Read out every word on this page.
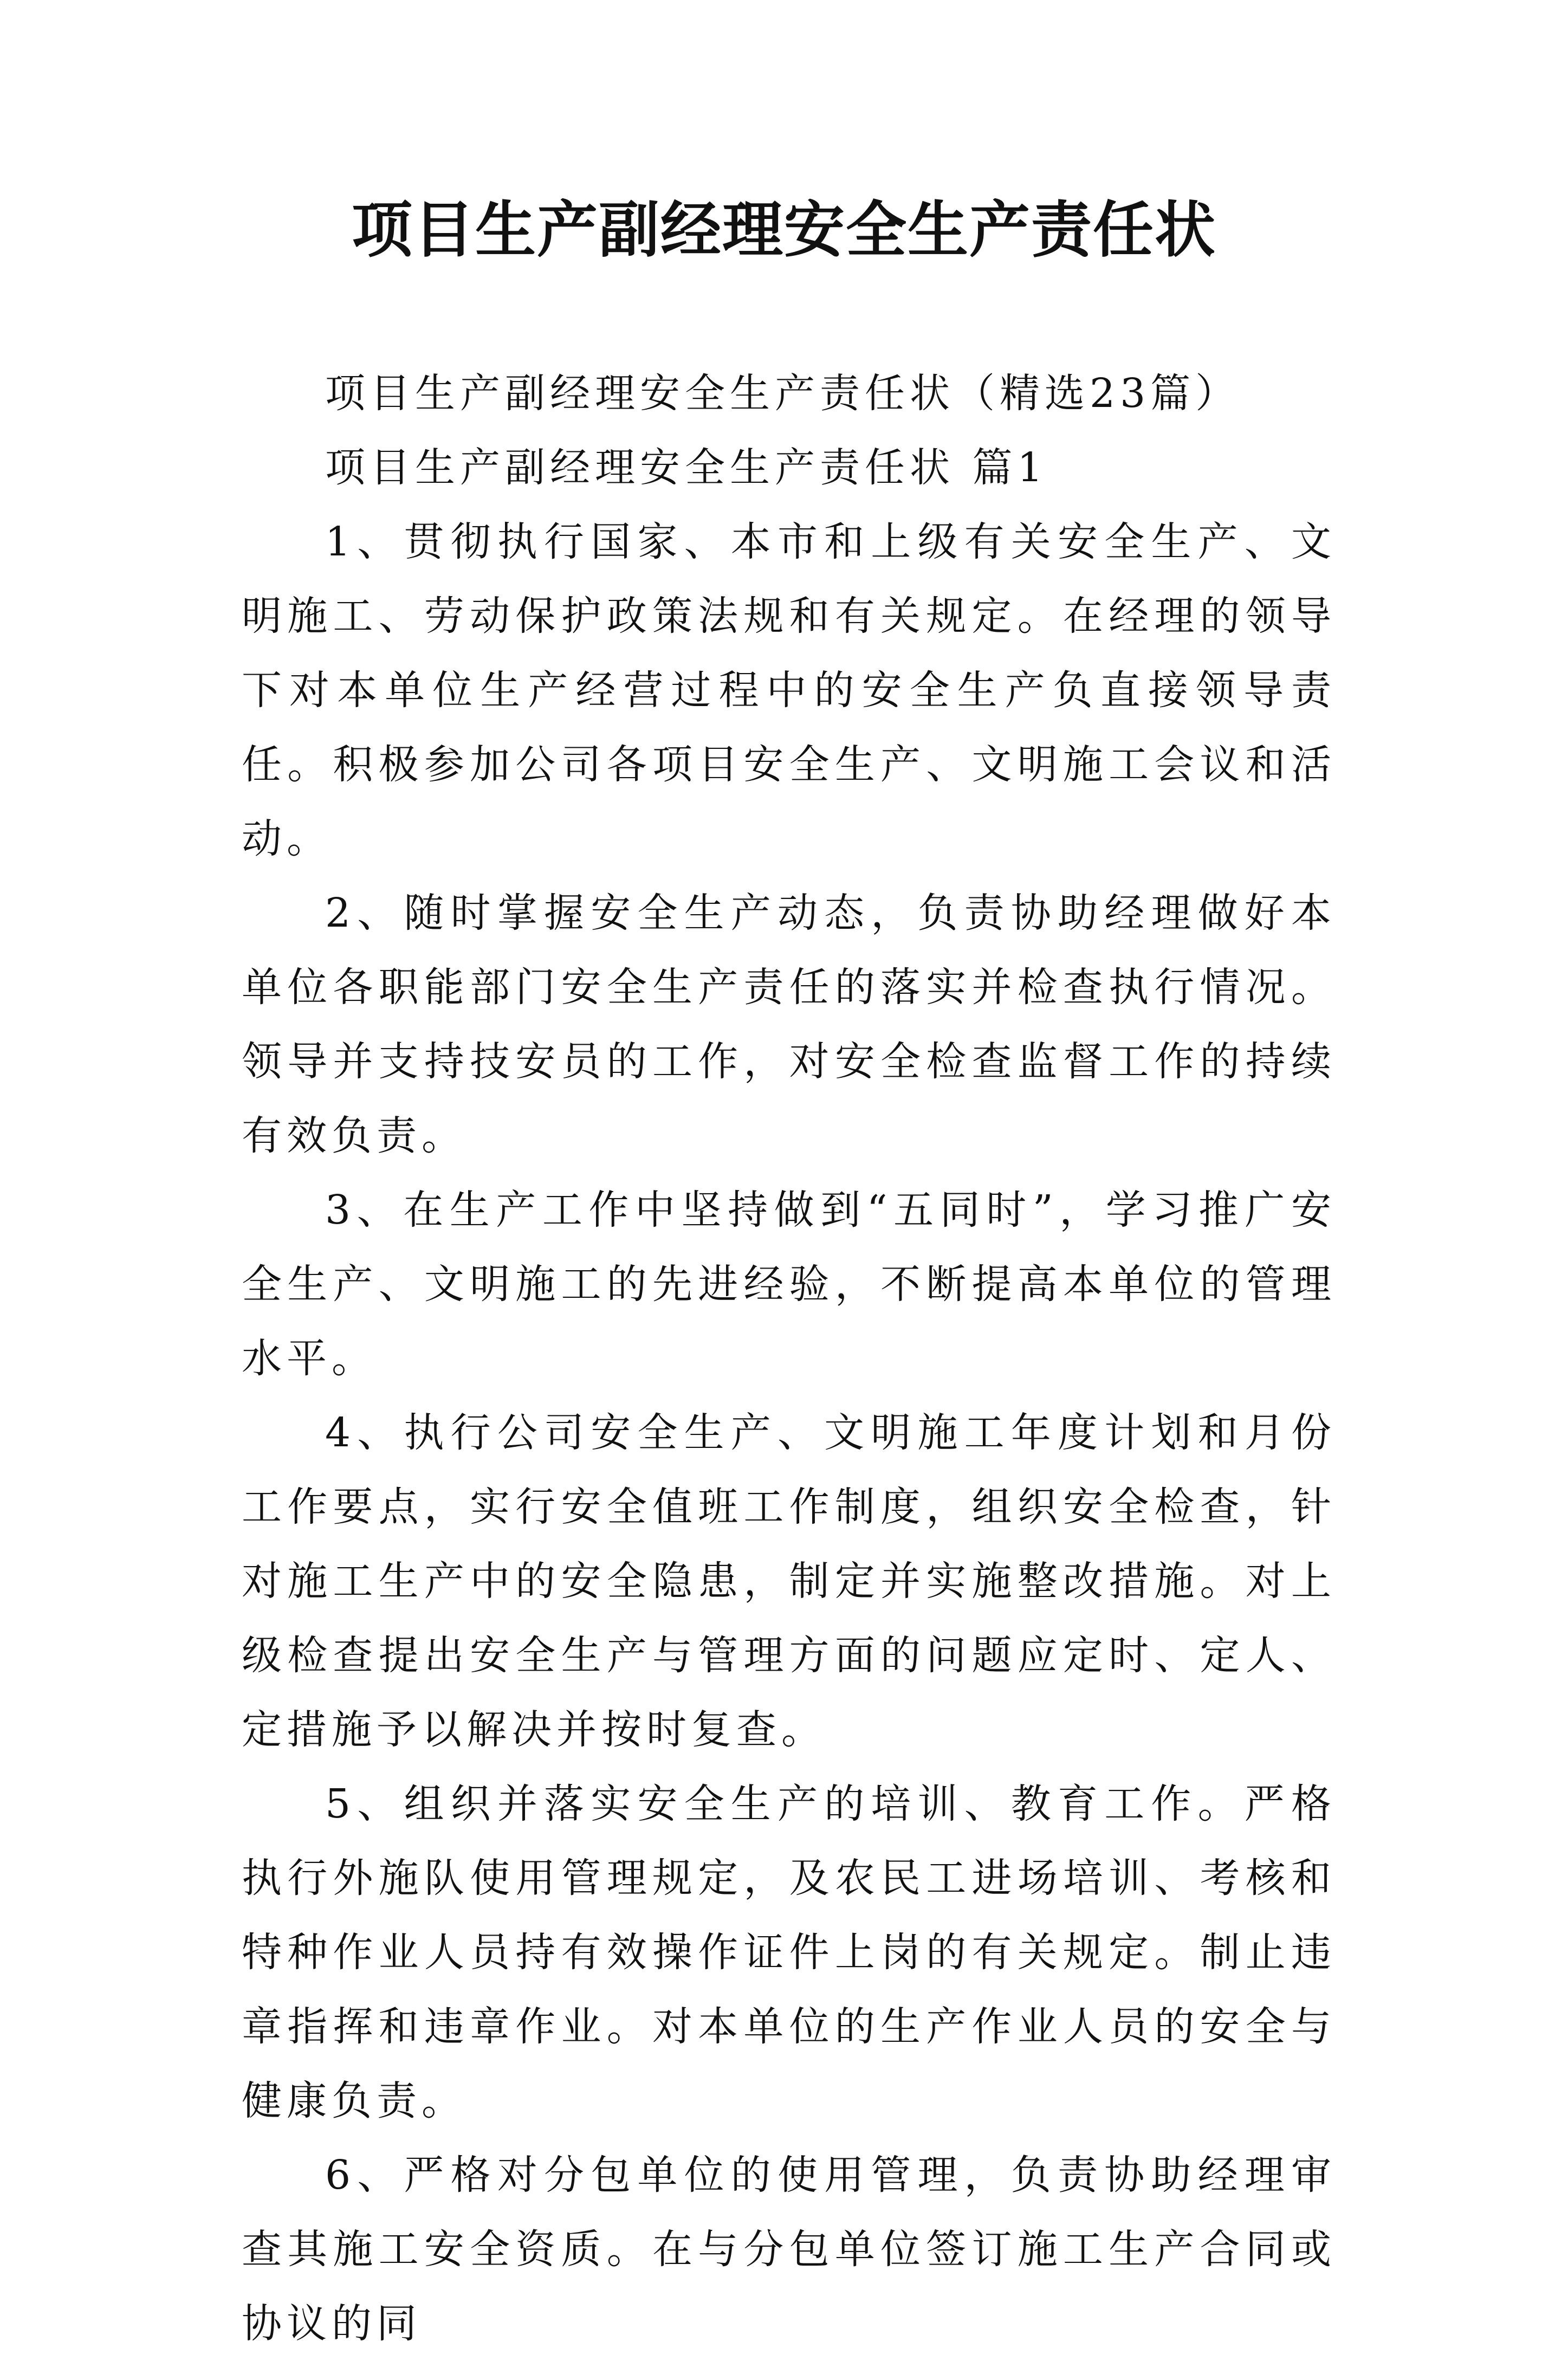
项目生产副经理安全生产责任状

项目生产副经理安全生产责任状（精选23篇）

项目生产副经理安全生产责任状 篇1

1、贯彻执行国家、本市和上级有关安全生产、文明施工、劳动保护政策法规和有关规定。在经理的领导下对本单位生产经营过程中的安全生产负直接领导责任。积极参加公司各项目安全生产、文明施工会议和活动。

2、随时掌握安全生产动态，负责协助经理做好本单位各职能部门安全生产责任的落实并检查执行情况。领导并支持技安员的工作，对安全检查监督工作的持续有效负责。

3、在生产工作中坚持做到“五同时”，学习推广安全生产、文明施工的先进经验，不断提高本单位的管理水平。

4、执行公司安全生产、文明施工年度计划和月份工作要点，实行安全值班工作制度，组织安全检查，针对施工生产中的安全隐患，制定并实施整改措施。对上级检查提出安全生产与管理方面的问题应定时、定人、定措施予以解决并按时复查。

5、组织并落实安全生产的培训、教育工作。严格执行外施队使用管理规定，及农民工进场培训、考核和特种作业人员持有效操作证件上岗的有关规定。制止违章指挥和违章作业。对本单位的生产作业人员的安全与健康负责。

6、严格对分包单位的使用管理，负责协助经理审查其施工安全资质。在与分包单位签订施工生产合同或协议的同
